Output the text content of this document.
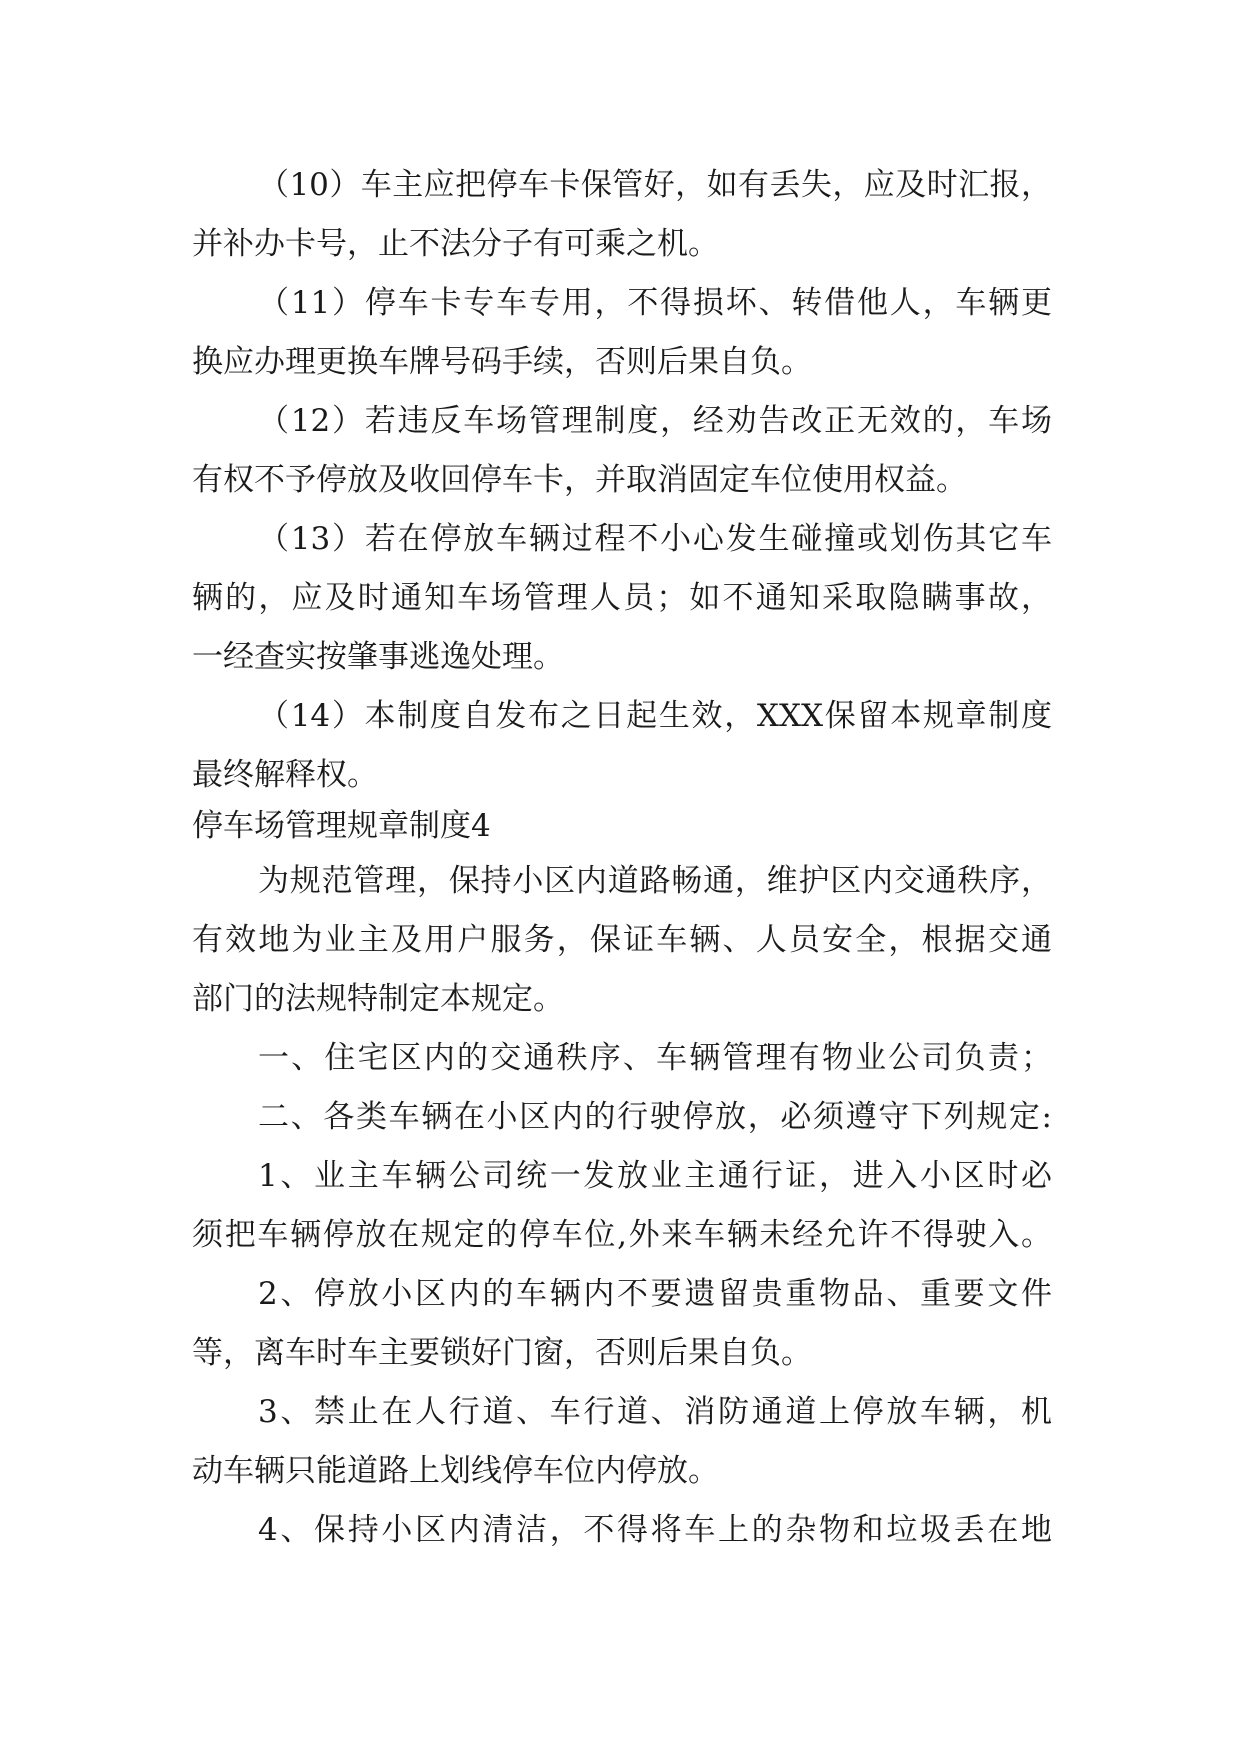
（10）车主应把停车卡保管好，如有丢失，应及时汇报，

并补办卡号，止不法分子有可乘之机。

（11）停车卡专车专用，不得损坏、转借他人，车辆更

换应办理更换车牌号码手续，否则后果自负。

（12）若违反车场管理制度，经劝告改正无效的，车场

有权不予停放及收回停车卡，并取消固定车位使用权益。

（13）若在停放车辆过程不小心发生碰撞或划伤其它车

辆的，应及时通知车场管理人员；如不通知采取隐瞒事故，

一经查实按肇事逃逸处理。

（14）本制度自发布之日起生效，XXX保留本规章制度

最终解释权。

停车场管理规章制度4

为规范管理，保持小区内道路畅通，维护区内交通秩序，

有效地为业主及用户服务，保证车辆、人员安全，根据交通

部门的法规特制定本规定。

一、住宅区内的交通秩序、车辆管理有物业公司负责；

二、各类车辆在小区内的行驶停放，必须遵守下列规定:

1、业主车辆公司统一发放业主通行证，进入小区时必

须把车辆停放在规定的停车位,外来车辆未经允许不得驶入。

2、停放小区内的车辆内不要遗留贵重物品、重要文件

等，离车时车主要锁好门窗，否则后果自负。

3、禁止在人行道、车行道、消防通道上停放车辆，机

动车辆只能道路上划线停车位内停放。

4、保持小区内清洁，不得将车上的杂物和垃圾丢在地
